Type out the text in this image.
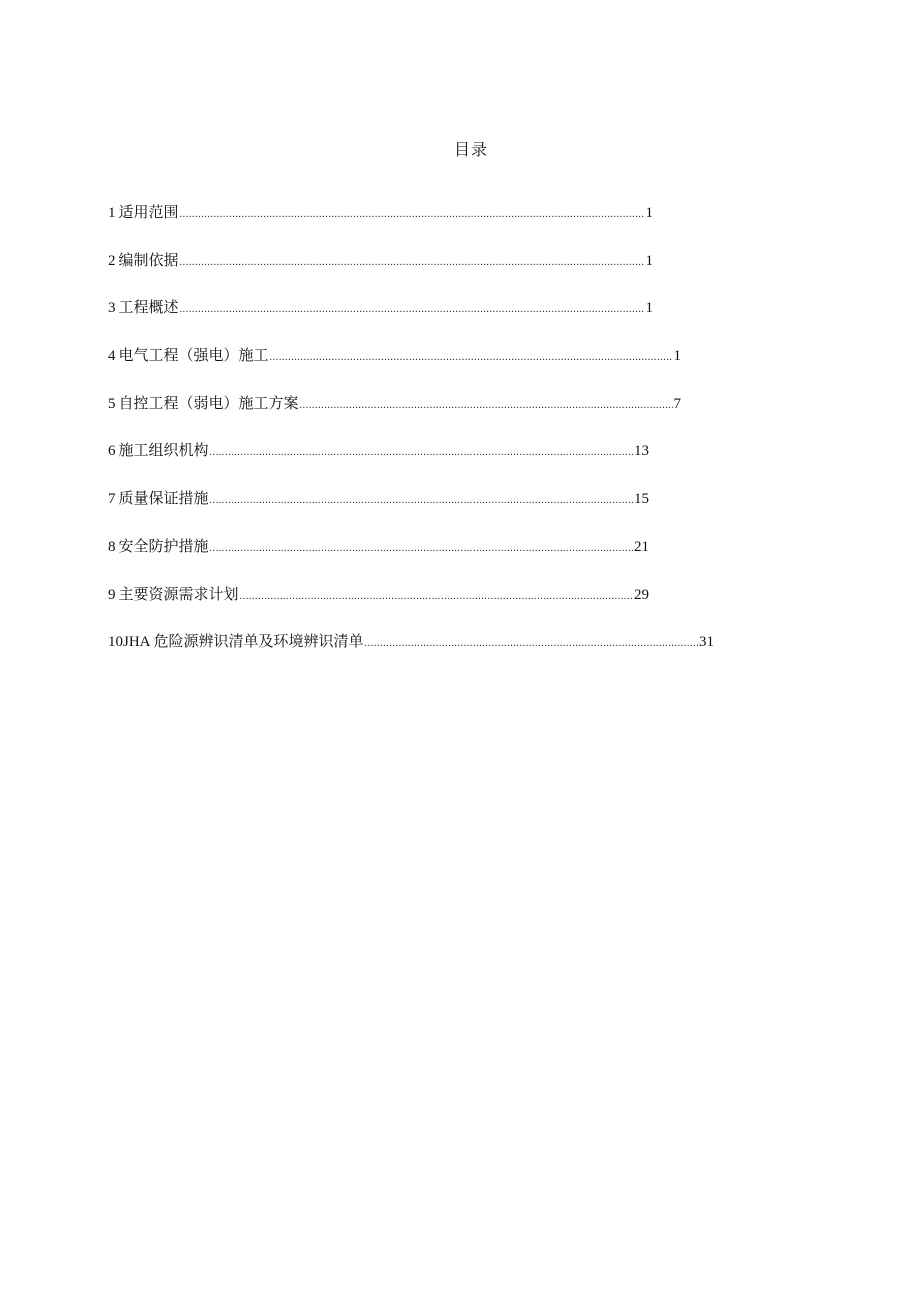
目录
1 适用范围 .....	1
2 编制依据 .....	1
3 工程概述 .....	1
4 电气工程（强电）施工 .....	1
5 自控工程（弱电）施工方案 .....	7
6 施工组织机构 .....	13
7 质量保证措施 .....	15
8 安全防护措施 .....	21
9 主要资源需求计划 .....	29
10JHA 危险源辨识清单及环境辨识清单 .....	31
